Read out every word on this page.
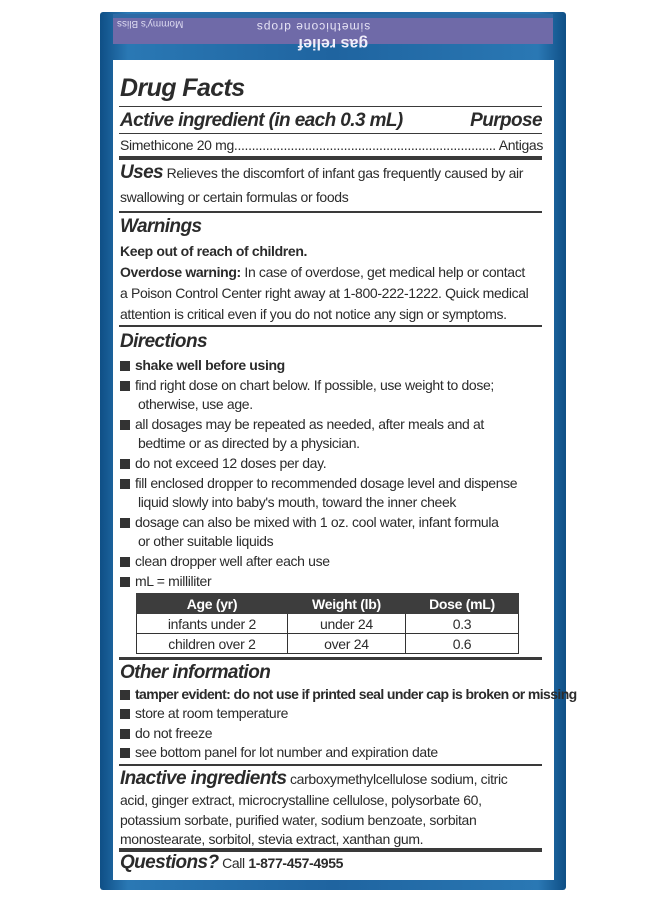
Mommy's Bliss	simethicone drops
gas relief
Drug Facts
Active ingredient (in each 0.3 mL)	Purpose
Simethicone 20 mg .......................................................................... Antigas
Uses Relieves the discomfort of infant gas frequently caused by air
swallowing or certain formulas or foods
Warnings
Keep out of reach of children.
Overdose warning: In case of overdose, get medical help or contact
a Poison Control Center right away at 1-800-222-1222. Quick medical
attention is critical even if you do not notice any sign or symptoms.
Directions
shake well before using
find right dose on chart below. If possible, use weight to dose;
otherwise, use age.
all dosages may be repeated as needed, after meals and at
bedtime or as directed by a physician.
do not exceed 12 doses per day.
fill enclosed dropper to recommended dosage level and dispense
liquid slowly into baby's mouth, toward the inner cheek
dosage can also be mixed with 1 oz. cool water, infant formula
or other suitable liquids
clean dropper well after each use
mL = milliliter
Age (yr)	Weight (lb)	Dose (mL)
infants under 2	under 24	0.3
children over 2	over 24	0.6
Other information
tamper evident: do not use if printed seal under cap is broken or missing
store at room temperature
do not freeze
see bottom panel for lot number and expiration date
Inactive ingredients carboxymethylcellulose sodium, citric
acid, ginger extract, microcrystalline cellulose, polysorbate 60,
potassium sorbate, purified water, sodium benzoate, sorbitan
monostearate, sorbitol, stevia extract, xanthan gum.
Questions? Call 1-877-457-4955
